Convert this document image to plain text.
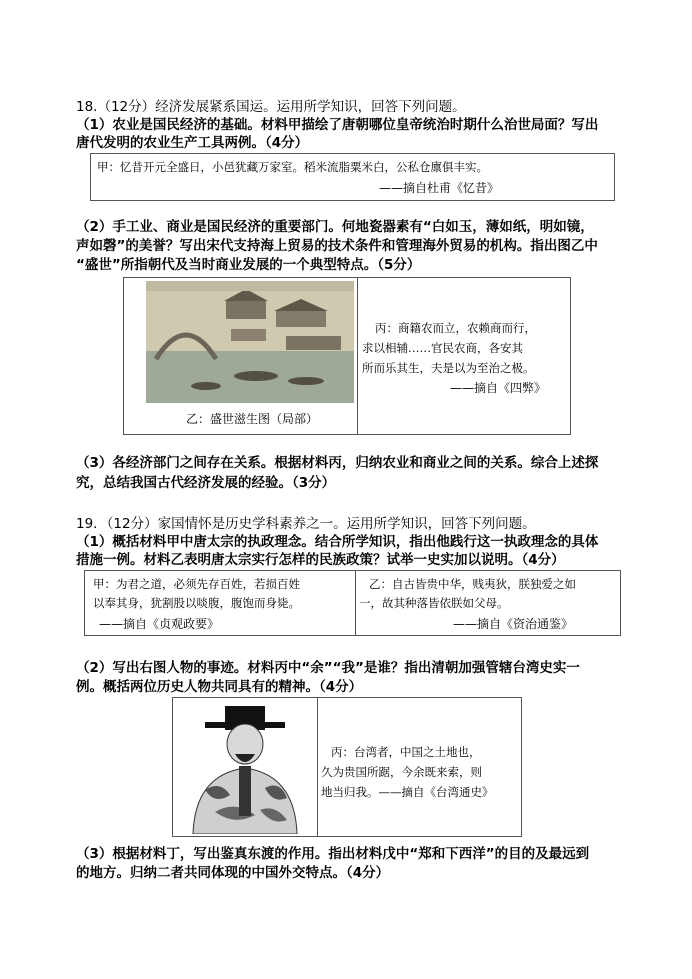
18.（12分）经济发展紧系国运。运用所学知识，回答下列问题。
（1）农业是国民经济的基础。材料甲描绘了唐朝哪位皇帝统治时期什么治世局面？写出
唐代发明的农业生产工具两例。（4分）
甲：忆昔开元全盛日，小邑犹藏万家室。稻米流脂粟米白，公私仓廪俱丰实。
——摘自杜甫《忆昔》
（2）手工业、商业是国民经济的重要部门。何地瓷器素有“白如玉，薄如纸，明如镜，
声如磬”的美誉？写出宋代支持海上贸易的技术条件和管理海外贸易的机构。指出图乙中
“盛世”所指朝代及当时商业发展的一个典型特点。（5分）
乙：盛世滋生图（局部）
丙：商籍农而立，农赖商而行，
求以相辅……官民农商，各安其
所而乐其生，夫是以为至治之极。
——摘自《四弊》
（3）各经济部门之间存在关系。根据材料丙，归纳农业和商业之间的关系。综合上述探
究，总结我国古代经济发展的经验。（3分）
19．（12分）家国情怀是历史学科素养之一。运用所学知识，回答下列问题。
（1）概括材料甲中唐太宗的执政理念。结合所学知识，指出他践行这一执政理念的具体
措施一例。材料乙表明唐太宗实行怎样的民族政策？试举一史实加以说明。（4分）
甲：为君之道，必须先存百姓，若损百姓
以奉其身，犹割股以啖腹，腹饱而身毙。
——摘自《贞观政要》
乙：自古皆贵中华，贱夷狄，朕独爱之如
一，故其种落皆依朕如父母。
——摘自《资治通鉴》
（2）写出右图人物的事迹。材料丙中“余”“我”是谁？指出清朝加强管辖台湾史实一
例。概括两位历史人物共同具有的精神。（4分）
丙：台湾者，中国之土地也，
久为贵国所踞，今余既来索，则
地当归我。——摘自《台湾通史》
（3）根据材料丁，写出鉴真东渡的作用。指出材料戊中“郑和下西洋”的目的及最远到
的地方。归纳二者共同体现的中国外交特点。（4分）
